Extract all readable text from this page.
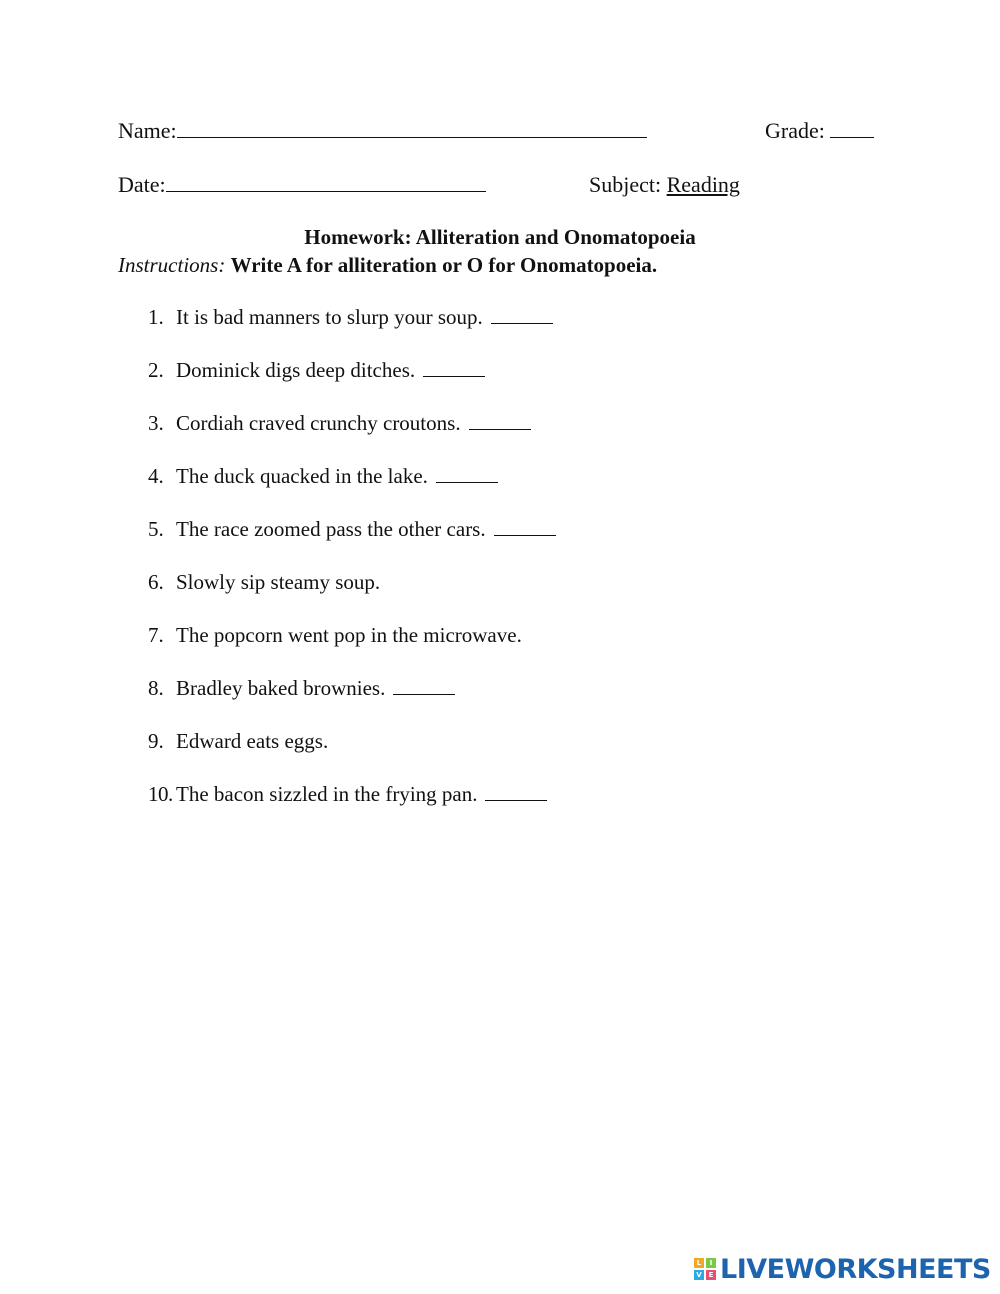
Name:	Grade:
Date:	Subject: Reading
Homework: Alliteration and Onomatopoeia
Instructions: Write A for alliteration or O for Onomatopoeia.
1. It is bad manners to slurp your soup.
2. Dominick digs deep ditches.
3. Cordiah craved crunchy croutons.
4. The duck quacked in the lake.
5. The race zoomed pass the other cars.
6. Slowly sip steamy soup.
7. The popcorn went pop in the microwave.
8. Bradley baked brownies.
9. Edward eats eggs.
10. The bacon sizzled in the frying pan.
L	I
V E LIVEWORKSHEETS
